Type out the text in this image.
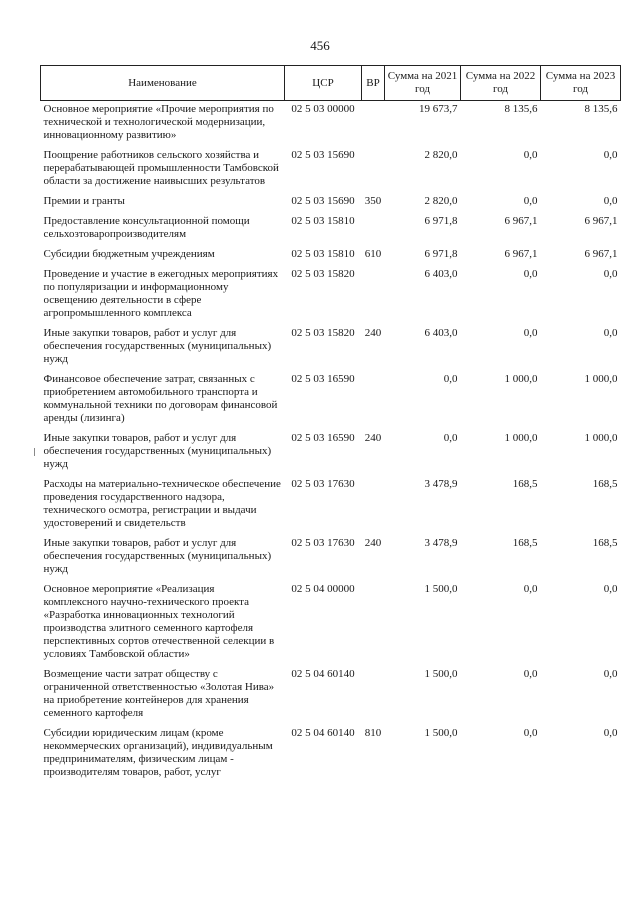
456
Наименование	ЦСР	ВР	Сумма на 2021 год	Сумма на 2022 год	Сумма на 2023 год
Основное мероприятие «Прочие мероприятия по технической и технологической модернизации, инновационному развитию»	02 5 03 00000		19 673,7	8 135,6	8 135,6
Поощрение работников сельского хозяйства и перерабатывающей промышленности Тамбовской области за достижение наивысших результатов	02 5 03 15690		2 820,0	0,0	0,0
Премии и гранты	02 5 03 15690	350	2 820,0	0,0	0,0
Предоставление консультационной помощи сельхозтоваропроизводителям	02 5 03 15810		6 971,8	6 967,1	6 967,1
Субсидии бюджетным учреждениям	02 5 03 15810	610	6 971,8	6 967,1	6 967,1
Проведение и участие в ежегодных мероприятиях по популяризации и информационному освещению деятельности в сфере агропромышленного комплекса	02 5 03 15820		6 403,0	0,0	0,0
Иные закупки товаров, работ и услуг для обеспечения государственных (муниципальных) нужд	02 5 03 15820	240	6 403,0	0,0	0,0
Финансовое обеспечение затрат, связанных с приобретением автомобильного транспорта и коммунальной техники по договорам финансовой аренды (лизинга)	02 5 03 16590		0,0	1 000,0	1 000,0
Иные закупки товаров, работ и услуг для обеспечения государственных (муниципальных) нужд	02 5 03 16590	240	0,0	1 000,0	1 000,0
Расходы на материально-техническое обеспечение проведения государственного надзора, технического осмотра, регистрации и выдачи удостоверений и свидетельств	02 5 03 17630		3 478,9	168,5	168,5
Иные закупки товаров, работ и услуг для обеспечения государственных (муниципальных) нужд	02 5 03 17630	240	3 478,9	168,5	168,5
Основное мероприятие «Реализация комплексного научно-технического проекта «Разработка инновационных технологий производства элитного семенного картофеля перспективных сортов отечественной селекции в условиях Тамбовской области»	02 5 04 00000		1 500,0	0,0	0,0
Возмещение части затрат обществу с ограниченной ответственностью «Золотая Нива» на приобретение контейнеров для хранения семенного картофеля	02 5 04 60140		1 500,0	0,0	0,0
Субсидии юридическим лицам (кроме некоммерческих организаций), индивидуальным предпринимателям, физическим лицам - производителям товаров, работ, услуг	02 5 04 60140	810	1 500,0	0,0	0,0
